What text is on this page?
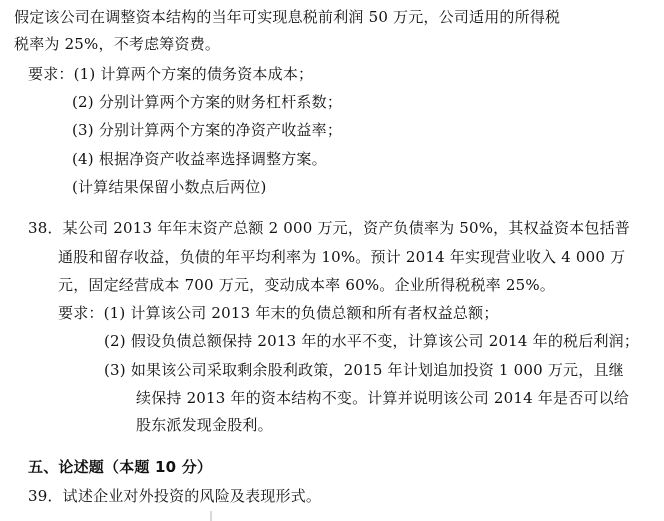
假定该公司在调整资本结构的当年可实现息税前利润 50 万元，公司适用的所得税
税率为 25%，不考虑筹资费。
要求：(1) 计算两个方案的债务资本成本；
(2) 分别计算两个方案的财务杠杆系数；
(3) 分别计算两个方案的净资产收益率；
(4) 根据净资产收益率选择调整方案。
(计算结果保留小数点后两位)
38．某公司 2013 年年末资产总额 2 000 万元，资产负债率为 50%，其权益资本包括普
通股和留存收益，负债的年平均利率为 10%。预计 2014 年实现营业收入 4 000 万
元，固定经营成本 700 万元，变动成本率 60%。企业所得税税率 25%。
要求：(1) 计算该公司 2013 年末的负债总额和所有者权益总额；
(2) 假设负债总额保持 2013 年的水平不变，计算该公司 2014 年的税后利润；
(3) 如果该公司采取剩余股利政策，2015 年计划追加投资 1 000 万元，且继
续保持 2013 年的资本结构不变。计算并说明该公司 2014 年是否可以给
股东派发现金股利。
五、论述题（本题 10 分）
39．试述企业对外投资的风险及表现形式。
